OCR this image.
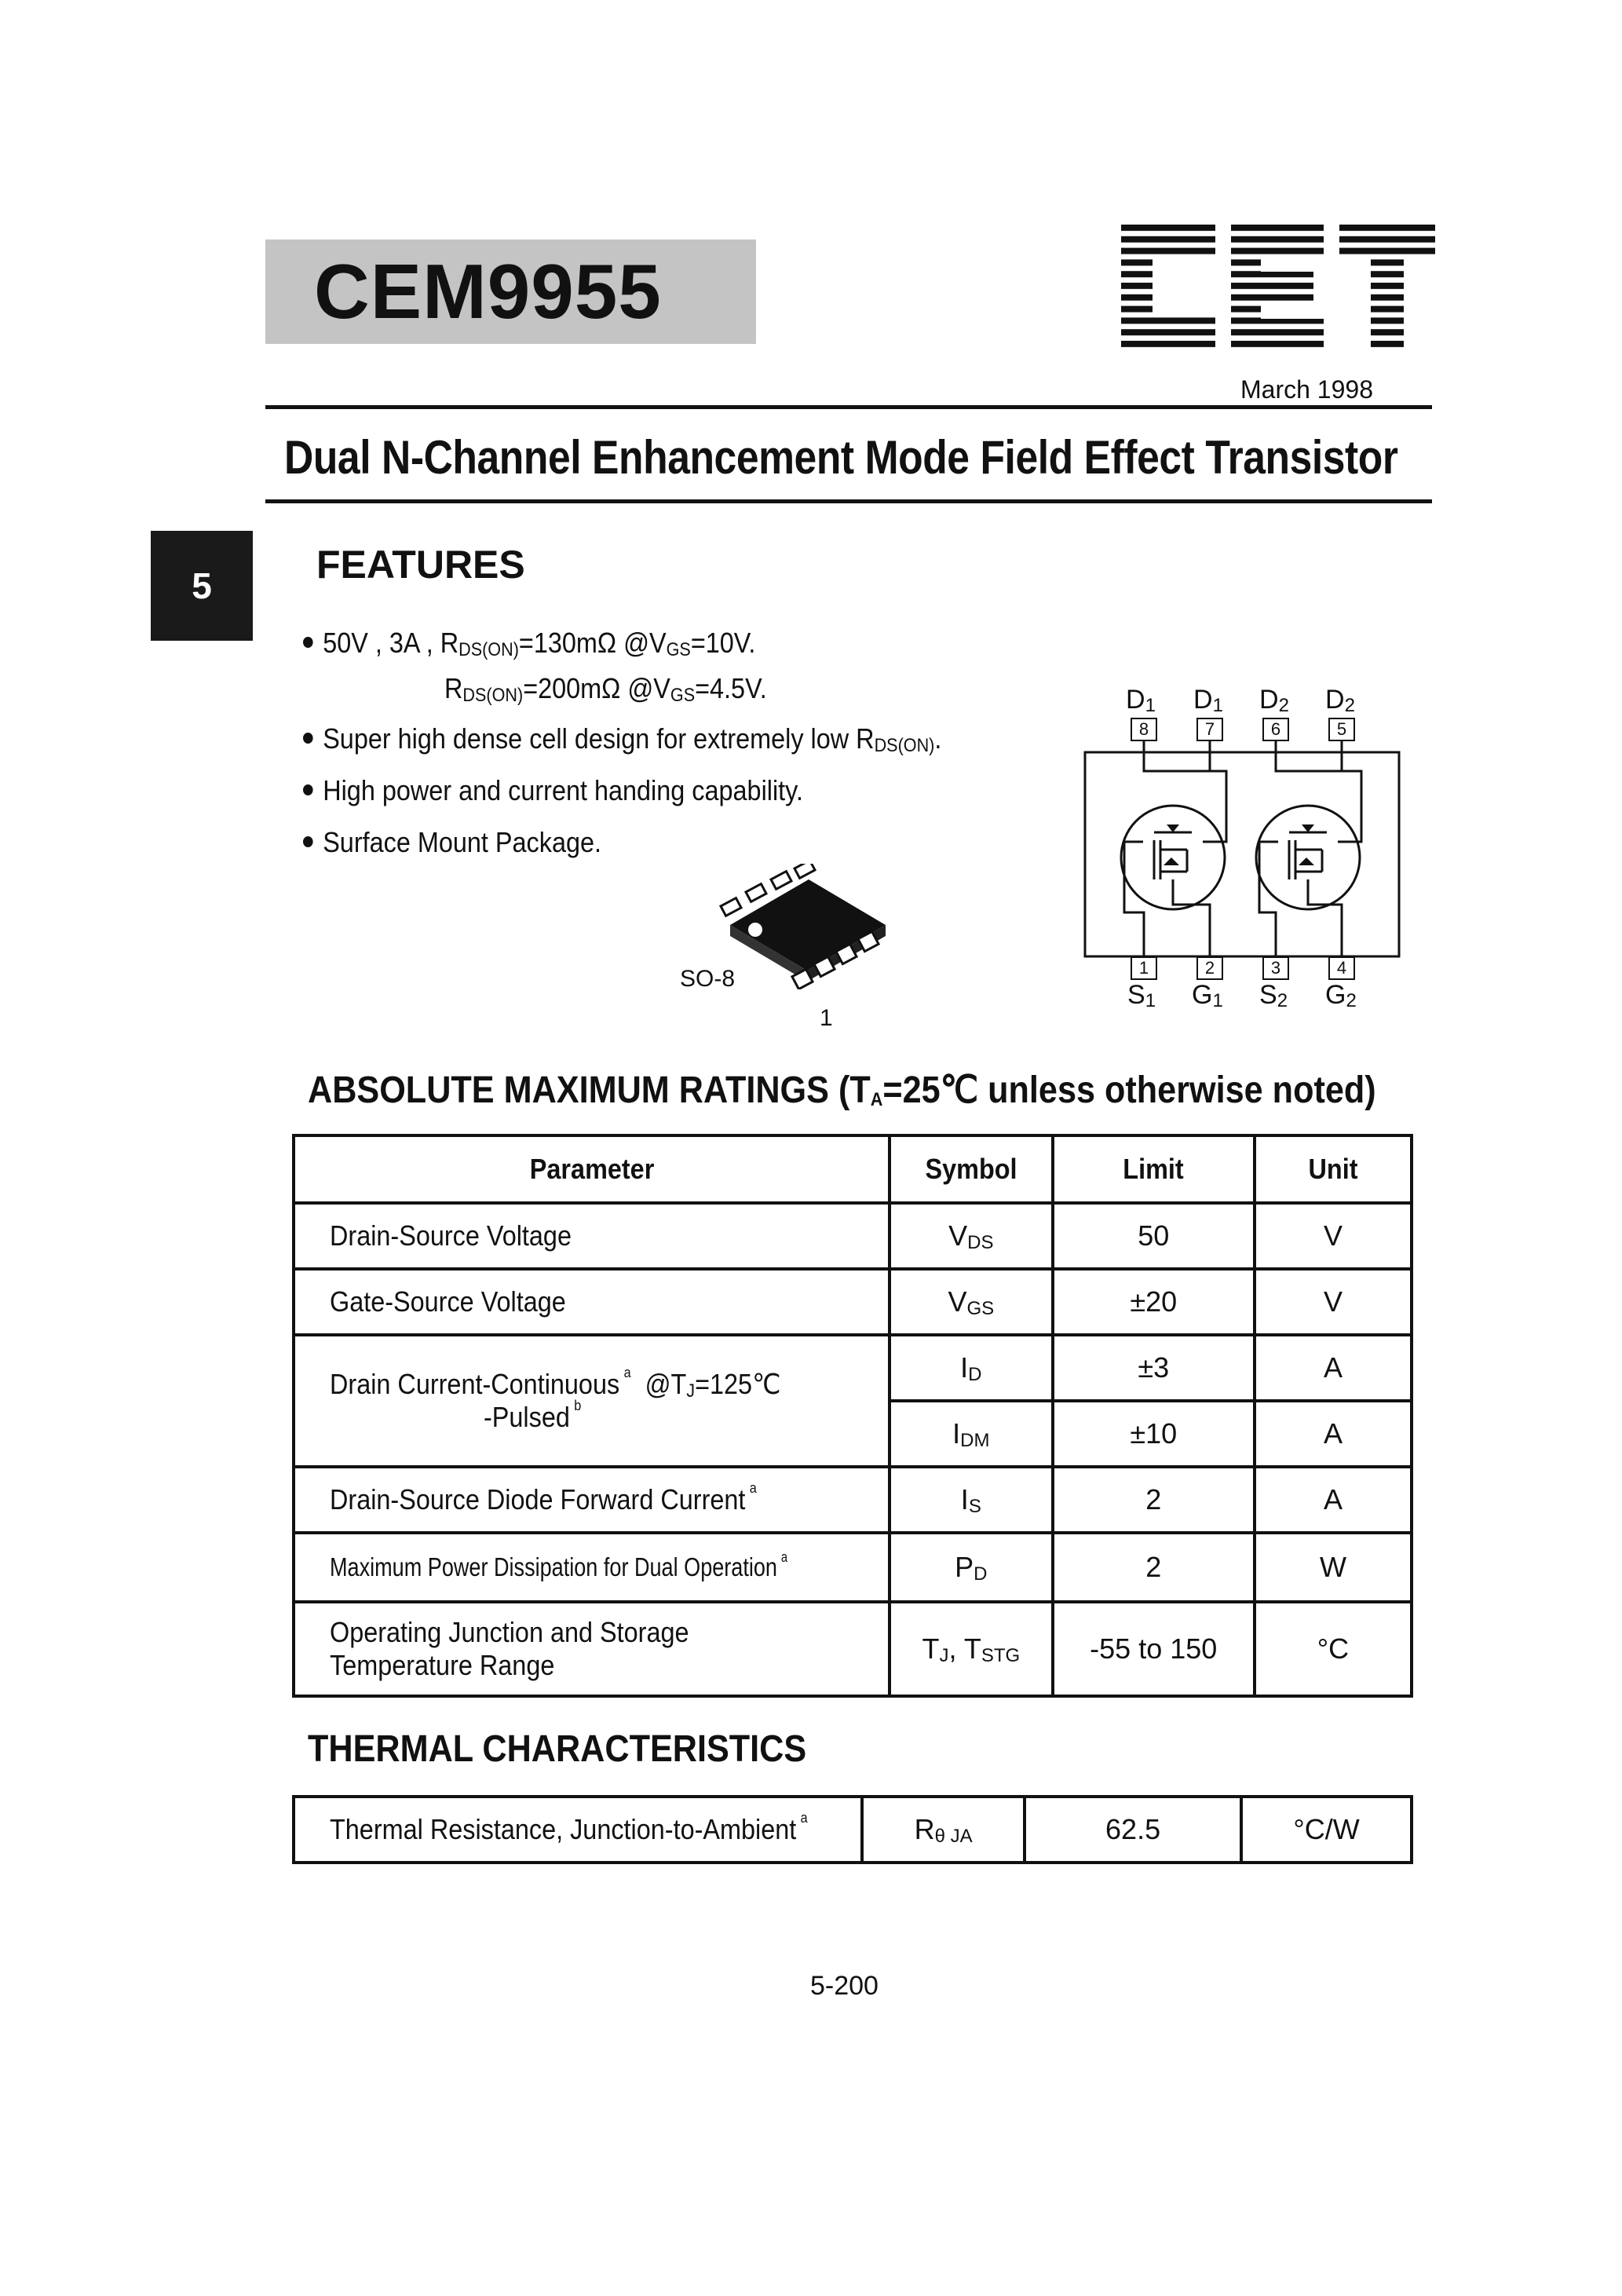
CEM9955
March 1998
Dual N-Channel Enhancement Mode Field Effect Transistor
5	FEATURES
50V , 3A , $R_{DS(ON)}=130m\Omega$ $@V_{GS}=10V$.
$R_{DS(ON)}=200m\Omega$ $@V_{GS}=4.5V$.
Super high dense cell design for extremely low $R_{DS(ON)}$.
High power and current handing capability.
Surface Mount Package.
SO-8
1
$D_1$ $D_1$ $D_2$ $D_2$
8	7	6	5
1	2	3	4
$S_1$ $G_1$ $S_2$ $G_2$
ABSOLUTE MAXIMUM RATINGS ($T_A=25℃$ unless otherwise noted)
Parameter	Symbol	Limit	Unit
Drain-Source Voltage	$V_{DS}$	50	V
Gate-Source Voltage	$V_{GS}$	±20	V
Drain Current-Continuous $^a$ $@T_J=125℃$
-Pulsed $^b$	$I_D$	±3	A
	$I_{DM}$	±10	A
Drain-Source Diode Forward Current $^a$	$I_S$	2	A
Maximum Power Dissipation for Dual Operation $^a$	$P_D$	2	W
Operating Junction and Storage
Temperature Range	$T_J$, $T_{STG}$	-55 to 150	°C
THERMAL CHARACTERISTICS
Thermal Resistance, Junction-to-Ambient $^a$	$R_{\theta JA}$	62.5	°C/W
5-200
